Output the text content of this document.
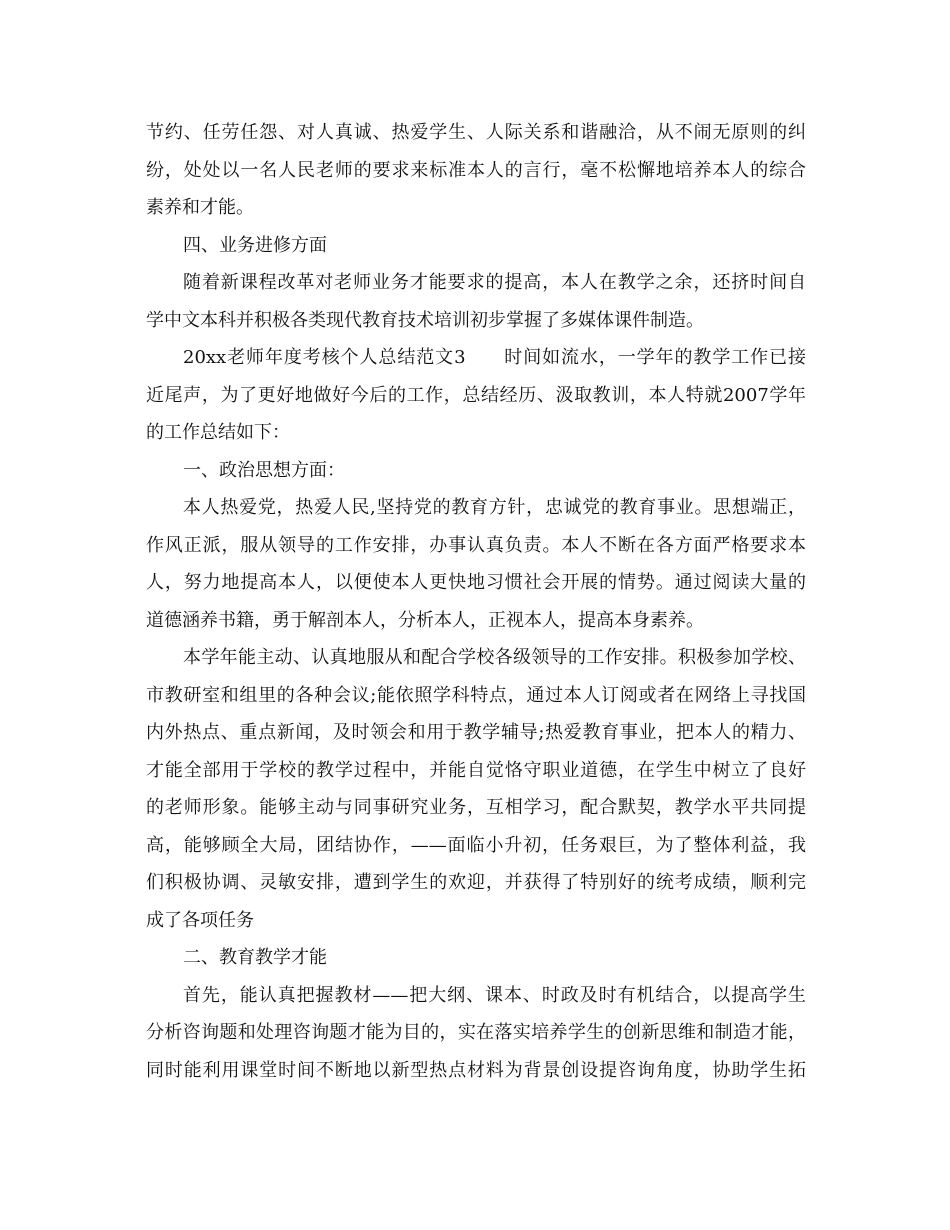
节约、任劳任怨、对人真诚、热爱学生、人际关系和谐融洽，从不闹无原则的纠
纷，处处以一名人民老师的要求来标准本人的言行，毫不松懈地培养本人的综合
素养和才能。
四、业务进修方面
随着新课程改革对老师业务才能要求的提高，本人在教学之余，还挤时间自
学中文本科并积极各类现代教育技术培训初步掌握了多媒体课件制造。
20xx老师年度考核个人总结范文3　　时间如流水，一学年的教学工作已接
近尾声，为了更好地做好今后的工作，总结经历、汲取教训，本人特就2007学年
的工作总结如下：
一、政治思想方面：
本人热爱党，热爱人民,坚持党的教育方针，忠诚党的教育事业。思想端正，
作风正派，服从领导的工作安排，办事认真负责。本人不断在各方面严格要求本
人，努力地提高本人，以便使本人更快地习惯社会开展的情势。通过阅读大量的
道德涵养书籍，勇于解剖本人，分析本人，正视本人，提高本身素养。
本学年能主动、认真地服从和配合学校各级领导的工作安排。积极参加学校、
市教研室和组里的各种会议;能依照学科特点，通过本人订阅或者在网络上寻找国
内外热点、重点新闻，及时领会和用于教学辅导;热爱教育事业，把本人的精力、
才能全部用于学校的教学过程中，并能自觉恪守职业道德，在学生中树立了良好
的老师形象。能够主动与同事研究业务，互相学习，配合默契，教学水平共同提
高，能够顾全大局，团结协作，——面临小升初，任务艰巨，为了整体利益，我
们积极协调、灵敏安排，遭到学生的欢迎，并获得了特别好的统考成绩，顺利完
成了各项任务
二、教育教学才能
首先，能认真把握教材——把大纲、课本、时政及时有机结合，以提高学生
分析咨询题和处理咨询题才能为目的，实在落实培养学生的创新思维和制造才能，
同时能利用课堂时间不断地以新型热点材料为背景创设提咨询角度，协助学生拓
